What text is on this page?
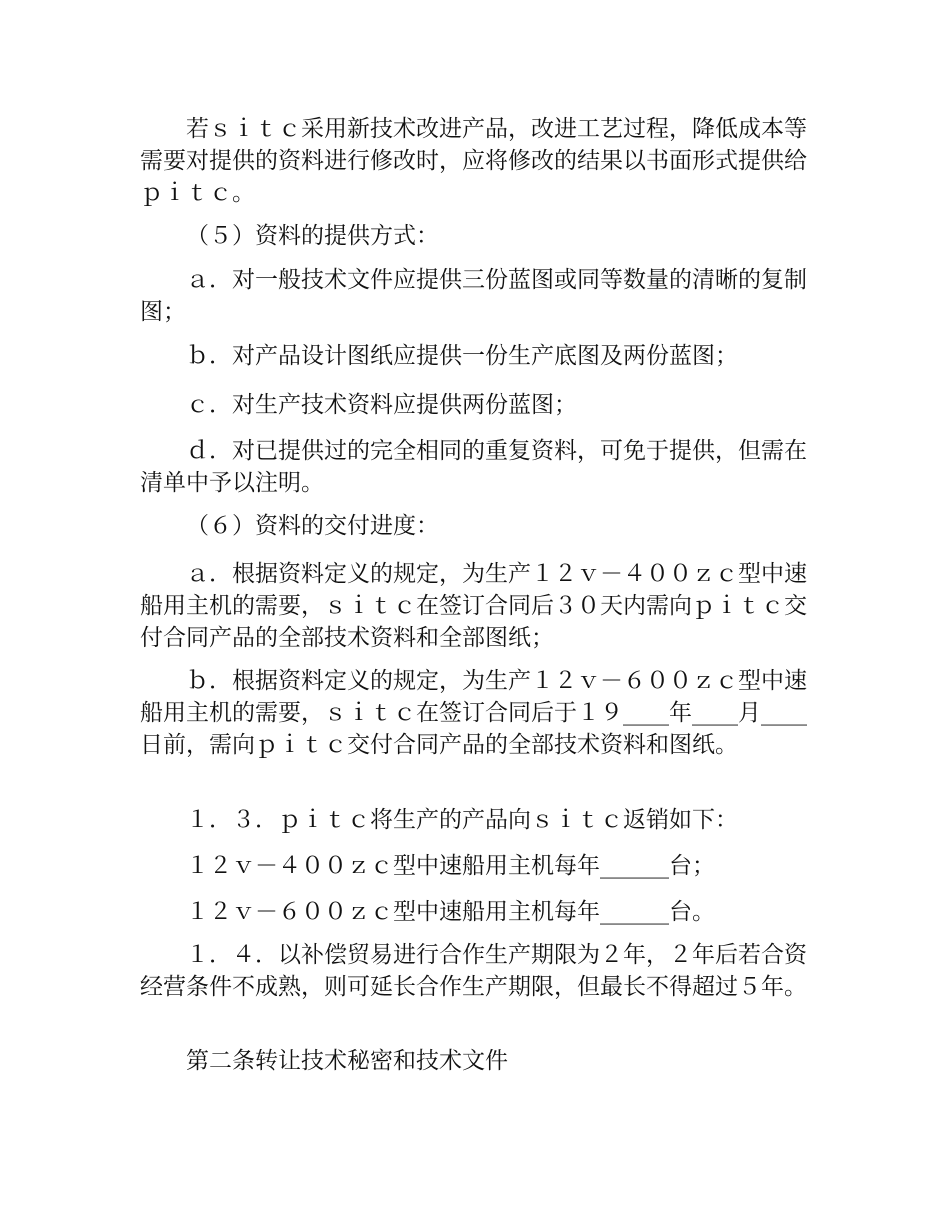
若ｓｉｔｃ采用新技术改进产品，改进工艺过程，降低成本等需要对提供的资料进行修改时，应将修改的结果以书面形式提供给ｐｉｔｃ。

（５）资料的提供方式：

ａ．对一般技术文件应提供三份蓝图或同等数量的清晰的复制图；

ｂ．对产品设计图纸应提供一份生产底图及两份蓝图；

ｃ．对生产技术资料应提供两份蓝图；

ｄ．对已提供过的完全相同的重复资料，可免于提供，但需在清单中予以注明。

（６）资料的交付进度：

ａ．根据资料定义的规定，为生产１２ｖ－４００ｚｃ型中速船用主机的需要，ｓｉｔｃ在签订合同后３０天内需向ｐｉｔｃ交付合同产品的全部技术资料和全部图纸；

ｂ．根据资料定义的规定，为生产１２ｖ－６００ｚｃ型中速船用主机的需要，ｓｉｔｃ在签订合同后于１９____年____月____日前，需向ｐｉｔｃ交付合同产品的全部技术资料和图纸。

１．３．ｐｉｔｃ将生产的产品向ｓｉｔｃ返销如下：

１２ｖ－４００ｚｃ型中速船用主机每年______台；

１２ｖ－６００ｚｃ型中速船用主机每年______台。

１．４．以补偿贸易进行合作生产期限为２年，２年后若合资经营条件不成熟，则可延长合作生产期限，但最长不得超过５年。

第二条转让技术秘密和技术文件
